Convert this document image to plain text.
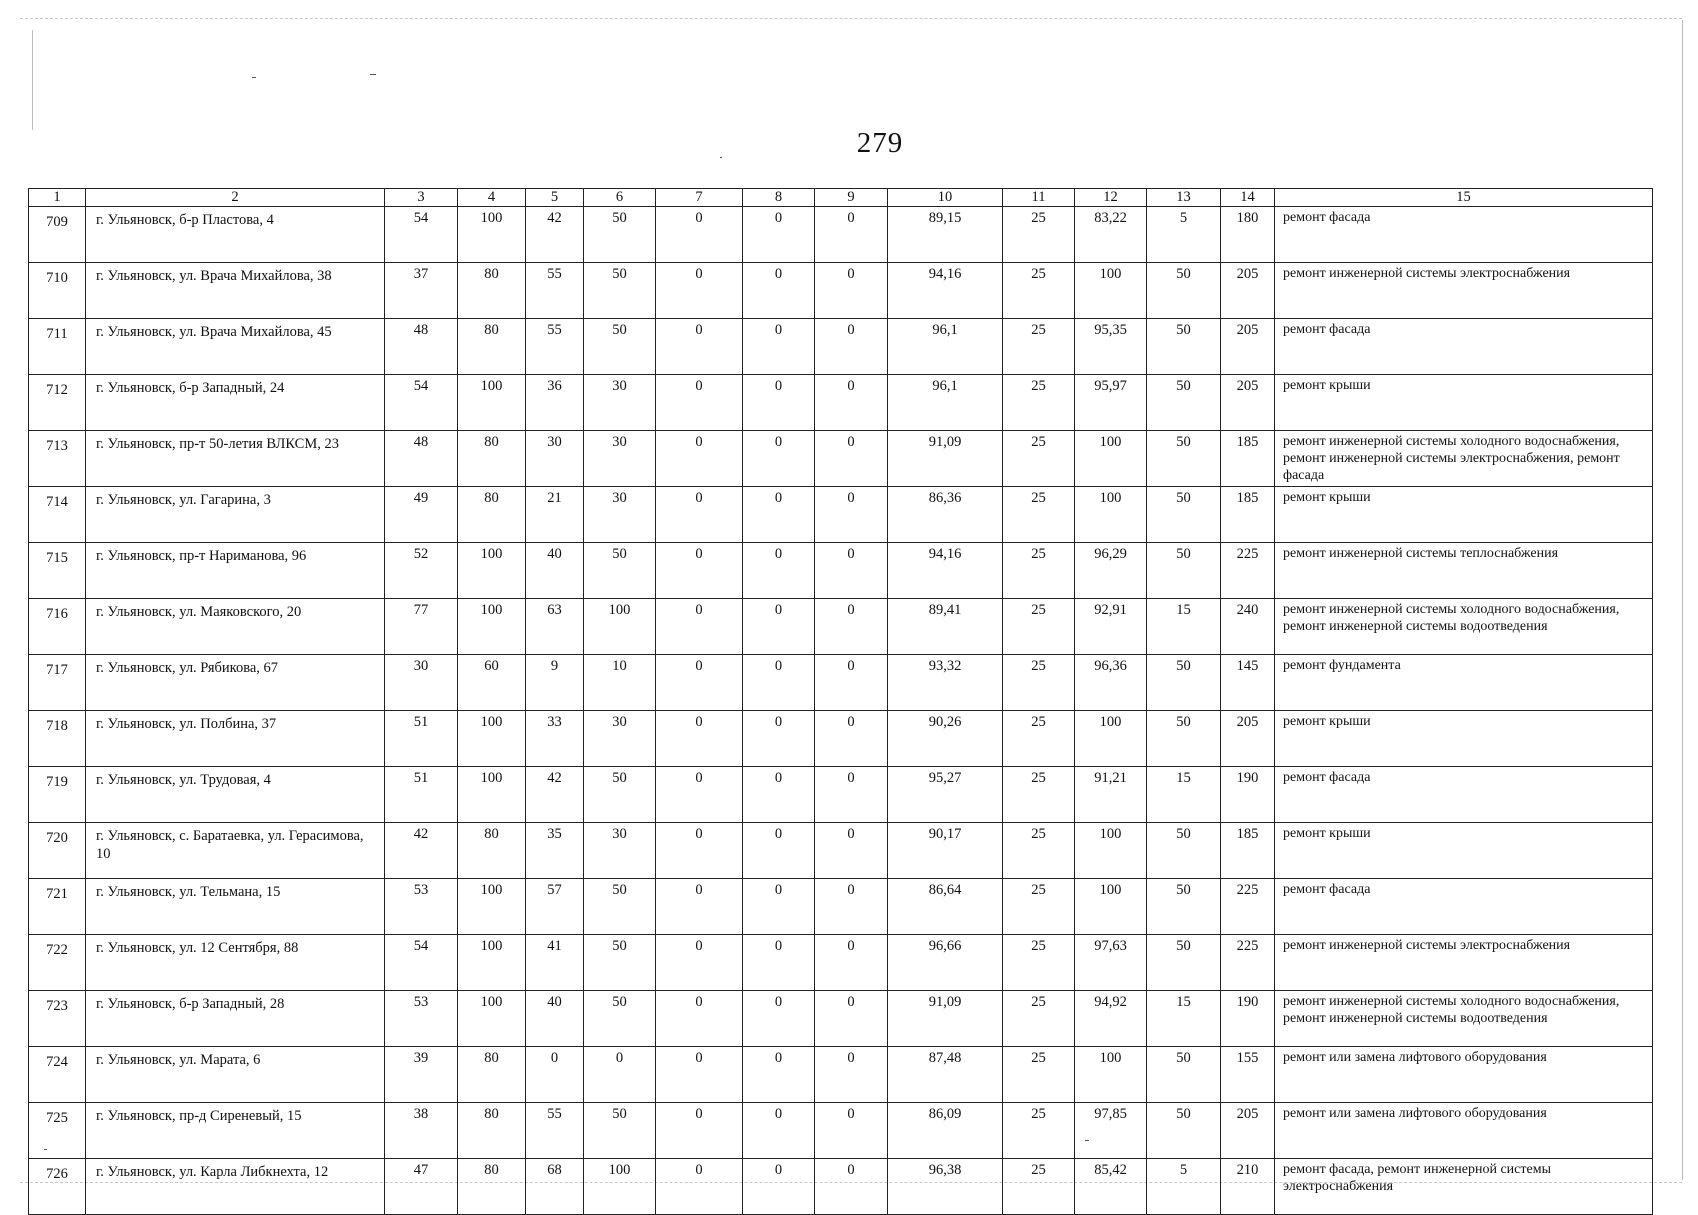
279
1	2	3	4	5	6	7	8	9	10	11	12	13	14	15
709	г. Ульяновск, б-р Пластова, 4	54	100	42	50	0	0	0	89,15	25	83,22	5	180	ремонт фасада
710	г. Ульяновск, ул. Врача Михайлова, 38	37	80	55	50	0	0	0	94,16	25	100	50	205	ремонт инженерной системы электроснабжения
711	г. Ульяновск, ул. Врача Михайлова, 45	48	80	55	50	0	0	0	96,1	25	95,35	50	205	ремонт фасада
712	г. Ульяновск, б-р Западный, 24	54	100	36	30	0	0	0	96,1	25	95,97	50	205	ремонт крыши
713	г. Ульяновск, пр-т 50-летия ВЛКСМ, 23	48	80	30	30	0	0	0	91,09	25	100	50	185	ремонт инженерной системы холодного водоснабжения, ремонт инженерной системы электроснабжения, ремонт фасада
714	г. Ульяновск, ул. Гагарина, 3	49	80	21	30	0	0	0	86,36	25	100	50	185	ремонт крыши
715	г. Ульяновск, пр-т Нариманова, 96	52	100	40	50	0	0	0	94,16	25	96,29	50	225	ремонт инженерной системы теплоснабжения
716	г. Ульяновск, ул. Маяковского, 20	77	100	63	100	0	0	0	89,41	25	92,91	15	240	ремонт инженерной системы холодного водоснабжения, ремонт инженерной системы водоотведения
717	г. Ульяновск, ул. Рябикова, 67	30	60	9	10	0	0	0	93,32	25	96,36	50	145	ремонт фундамента
718	г. Ульяновск, ул. Полбина, 37	51	100	33	30	0	0	0	90,26	25	100	50	205	ремонт крыши
719	г. Ульяновск, ул. Трудовая, 4	51	100	42	50	0	0	0	95,27	25	91,21	15	190	ремонт фасада
720	г. Ульяновск, с. Баратаевка, ул. Герасимова, 10	42	80	35	30	0	0	0	90,17	25	100	50	185	ремонт крыши
721	г. Ульяновск, ул. Тельмана, 15	53	100	57	50	0	0	0	86,64	25	100	50	225	ремонт фасада
722	г. Ульяновск, ул. 12 Сентября, 88	54	100	41	50	0	0	0	96,66	25	97,63	50	225	ремонт инженерной системы электроснабжения
723	г. Ульяновск, б-р Западный, 28	53	100	40	50	0	0	0	91,09	25	94,92	15	190	ремонт инженерной системы холодного водоснабжения, ремонт инженерной системы водоотведения
724	г. Ульяновск, ул. Марата, 6	39	80	0	0	0	0	0	87,48	25	100	50	155	ремонт или замена лифтового оборудования
725	г. Ульяновск, пр-д Сиреневый, 15	38	80	55	50	0	0	0	86,09	25	97,85	50	205	ремонт или замена лифтового оборудования
726	г. Ульяновск, ул. Карла Либкнехта, 12	47	80	68	100	0	0	0	96,38	25	85,42	5	210	ремонт фасада, ремонт инженерной системы электроснабжения
